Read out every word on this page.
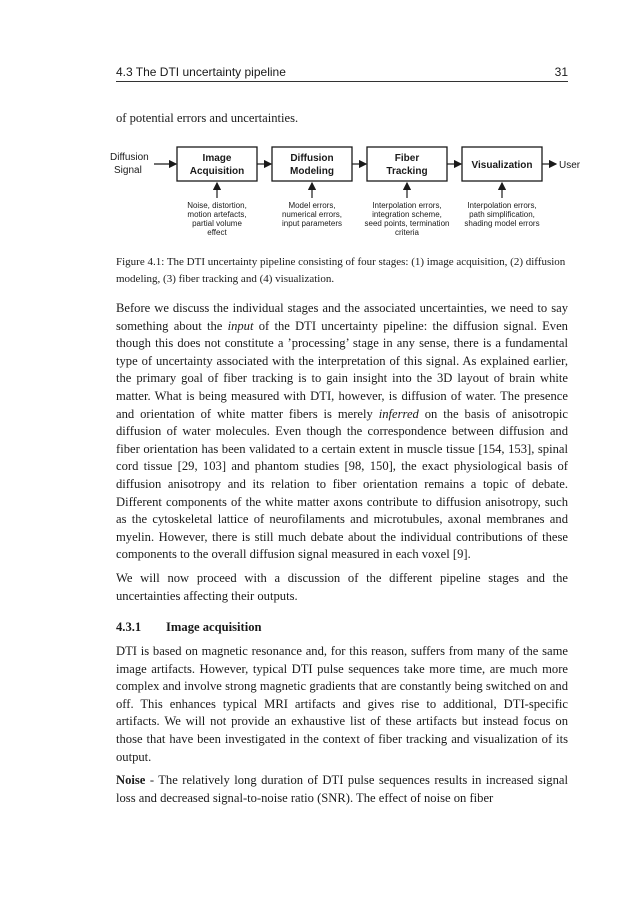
4.3 The DTI uncertainty pipeline	31

of potential errors and uncertainties.

Diffusion
Signal
Image
Acquisition
Diffusion
Modeling
Fiber
Tracking
Visualization	User
Noise, distortion,
motion artefacts,
partial volume
effect
Model errors,
numerical errors,
input parameters
Interpolation errors,
integration scheme,
seed points, termination
criteria
Interpolation errors,
path simplification,
shading model errors

Figure 4.1: The DTI uncertainty pipeline consisting of four stages: (1) image acquisition, (2) diffusion modeling, (3) fiber tracking and (4) visualization.

Before we discuss the individual stages and the associated uncertainties, we need to say something about the input of the DTI uncertainty pipeline: the diffusion signal. Even though this does not constitute a ’processing’ stage in any sense, there is a fundamental type of uncertainty associated with the interpretation of this signal. As explained earlier, the primary goal of fiber tracking is to gain insight into the 3D layout of brain white matter. What is being measured with DTI, however, is diffusion of water. The presence and orientation of white matter fibers is merely inferred on the basis of anisotropic diffusion of water molecules. Even though the correspondence between diffusion and fiber orientation has been validated to a certain extent in muscle tissue [154, 153], spinal cord tissue [29, 103] and phantom studies [98, 150], the exact physiological basis of diffusion anisotropy and its relation to fiber orientation remains a topic of debate. Different components of the white matter axons contribute to diffusion anisotropy, such as the cytoskeletal lattice of neurofilaments and microtubules, axonal membranes and myelin. However, there is still much debate about the individual contributions of these components to the overall diffusion signal measured in each voxel [9].

We will now proceed with a discussion of the different pipeline stages and the uncertainties affecting their outputs.

4.3.1 Image acquisition

DTI is based on magnetic resonance and, for this reason, suffers from many of the same image artifacts. However, typical DTI pulse sequences take more time, are much more complex and involve strong magnetic gradients that are constantly being switched on and off. This enhances typical MRI artifacts and gives rise to additional, DTI-specific artifacts. We will not provide an exhaustive list of these artifacts but instead focus on those that have been investigated in the context of fiber tracking and visualization of its output.

Noise - The relatively long duration of DTI pulse sequences results in increased signal loss and decreased signal-to-noise ratio (SNR). The effect of noise on fiber
